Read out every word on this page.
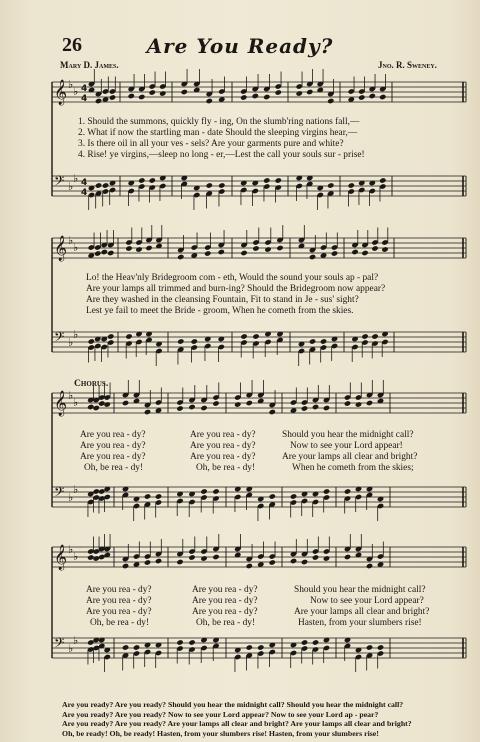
26	Are You Ready?
Mary D. James.	Jno. R. Sweney.
𝄞 ♭
♭ 4
4
𝄢 ♭
♭ 4
4
𝄞 ♭
♭
𝄢 ♭
♭
𝄞 ♭
♭
𝄢 ♭
♭
𝄞 ♭
♭
𝄢 ♭
♭
1. Should the summons, quickly fly - ing, On the slumb'ring nations fall,—
2. What if now the startling man - date Should the sleeping virgins hear,—
3. Is there oil in all your ves - sels? Are your garments pure and white?
4. Rise! ye virgins,—sleep no long - er,—Lest the call your souls sur - prise!
Lo! the Heav'nly Bridegroom com - eth, Would the sound your souls ap - pal?
Are your lamps all trimmed and burn-ing? Should the Bridegroom now appear?
Are they washed in the cleansing Fountain, Fit to stand in Je - sus' sight?
Lest ye fail to meet the Bride - groom, When he cometh from the skies.
Chorus.
Are you rea - dy?	Are you rea - dy?	Should you hear the midnight call?
Are you rea - dy?	Are you rea - dy?	Now to see your Lord appear!
Are you rea - dy?	Are you rea - dy?	Are your lamps all clear and bright?
Oh, be rea - dy!	Oh, be rea - dy!	When he cometh from the skies;
Are you rea - dy?	Are you rea - dy?	Should you hear the midnight call?
Are you rea - dy?	Are you rea - dy?	Now to see your Lord appear?
Are you rea - dy?	Are you rea - dy?	Are your lamps all clear and bright?
Oh, be rea - dy!	Oh, be rea - dy!	Hasten, from your slumbers rise!
Are you ready? Are you ready? Should you hear the midnight call? Should you hear the midnight call?
Are you ready? Are you ready? Now to see your Lord appear? Now to see your Lord ap - pear?
Are you ready? Are you ready? Are your lamps all clear and bright? Are your lamps all clear and bright?
Oh, be ready! Oh, be ready! Hasten, from your slumbers rise! Hasten, from your slumbers rise!
